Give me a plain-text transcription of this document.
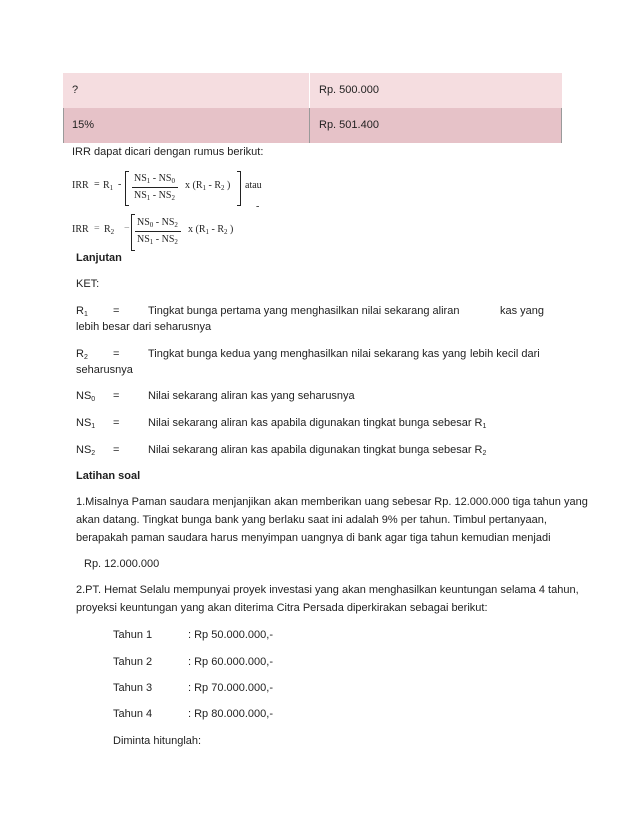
?	Rp. 500.000
15%	Rp. 501.400
IRR dapat dicari dengan rumus berikut:
IRR = $R_1$ -
$NS_1 - NS_0$
$NS_1 - NS_2$
x ($R_1 - R_2$ ) atau
-
IRR = $R_2$ −
$NS_0 - NS_2$
$NS_1 - NS_2$
x ($R_1 - R_2$ )
Lanjutan
KET:
$R_1$ =	Tingkat bunga pertama yang menghasilkan nilai sekarang aliran	kas yang
lebih besar dari seharusnya
$R_2$ =	Tingkat bunga kedua yang menghasilkan nilai sekarang kas yang lebih kecil dari
seharusnya
$NS_0$ =	Nilai sekarang aliran kas yang seharusnya
$NS_1$ =	Nilai sekarang aliran kas apabila digunakan tingkat bunga sebesar $R_1$
$NS_2$ =	Nilai sekarang aliran kas apabila digunakan tingkat bunga sebesar $R_2$
Latihan soal
1.Misalnya Paman saudara menjanjikan akan memberikan uang sebesar Rp. 12.000.000 tiga tahun yang
akan datang. Tingkat bunga bank yang berlaku saat ini adalah 9% per tahun. Timbul pertanyaan,
berapakah paman saudara harus menyimpan uangnya di bank agar tiga tahun kemudian menjadi
Rp. 12.000.000
2.PT. Hemat Selalu mempunyai proyek investasi yang akan menghasilkan keuntungan selama 4 tahun,
proyeksi keuntungan yang akan diterima Citra Persada diperkirakan sebagai berikut:
Tahun 1	: Rp 50.000.000,-
Tahun 2	: Rp 60.000.000,-
Tahun 3	: Rp 70.000.000,-
Tahun 4	: Rp 80.000.000,-
Diminta hitunglah:
